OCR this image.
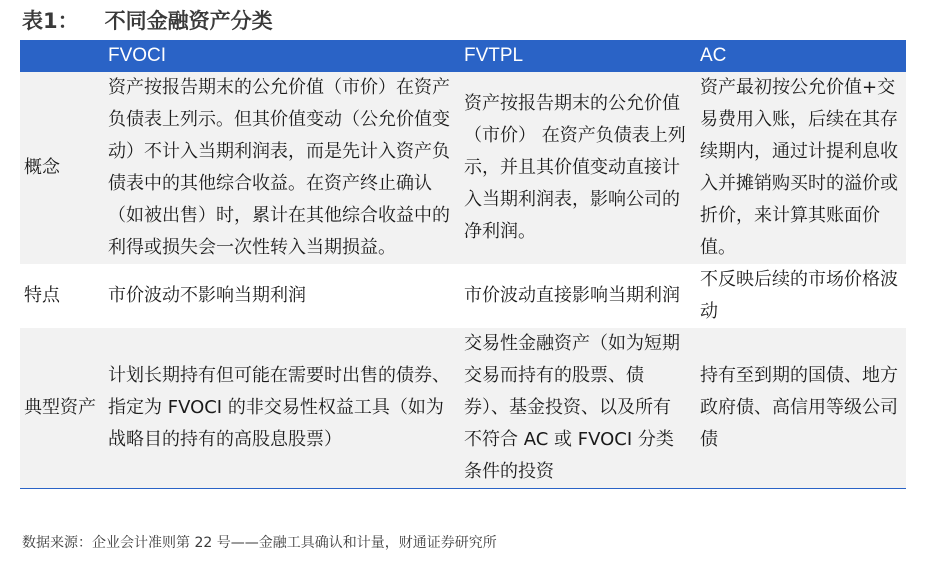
表1： 不同金融资产分类
	FVOCI	FVTPL	AC
概念	资产按报告期末的公允价值（市价）在资产负债表上列示。但其价值变动（公允价值变动）不计入当期利润表，而是先计入资产负债表中的其他综合收益。在资产终止确认（如被出售）时，累计在其他综合收益中的利得或损失会一次性转入当期损益。	资产按报告期末的公允价值（市价） 在资产负债表上列示，并且其价值变动直接计入当期利润表，影响公司的净利润。	资产最初按公允价值+交易费用入账，后续在其存续期内，通过计提利息收入并摊销购买时的溢价或折价，来计算其账面价值。
特点	市价波动不影响当期利润	市价波动直接影响当期利润	不反映后续的市场价格波动
典型资产	计划长期持有但可能在需要时出售的债券、指定为 FVOCI 的非交易性权益工具（如为战略目的持有的高股息股票）	交易性金融资产（如为短期交易而持有的股票、债券）、基金投资、以及所有不符合 AC 或 FVOCI 分类条件的投资	持有至到期的国债、地方政府债、高信用等级公司债
数据来源：企业会计准则第 22 号——金融工具确认和计量，财通证券研究所
